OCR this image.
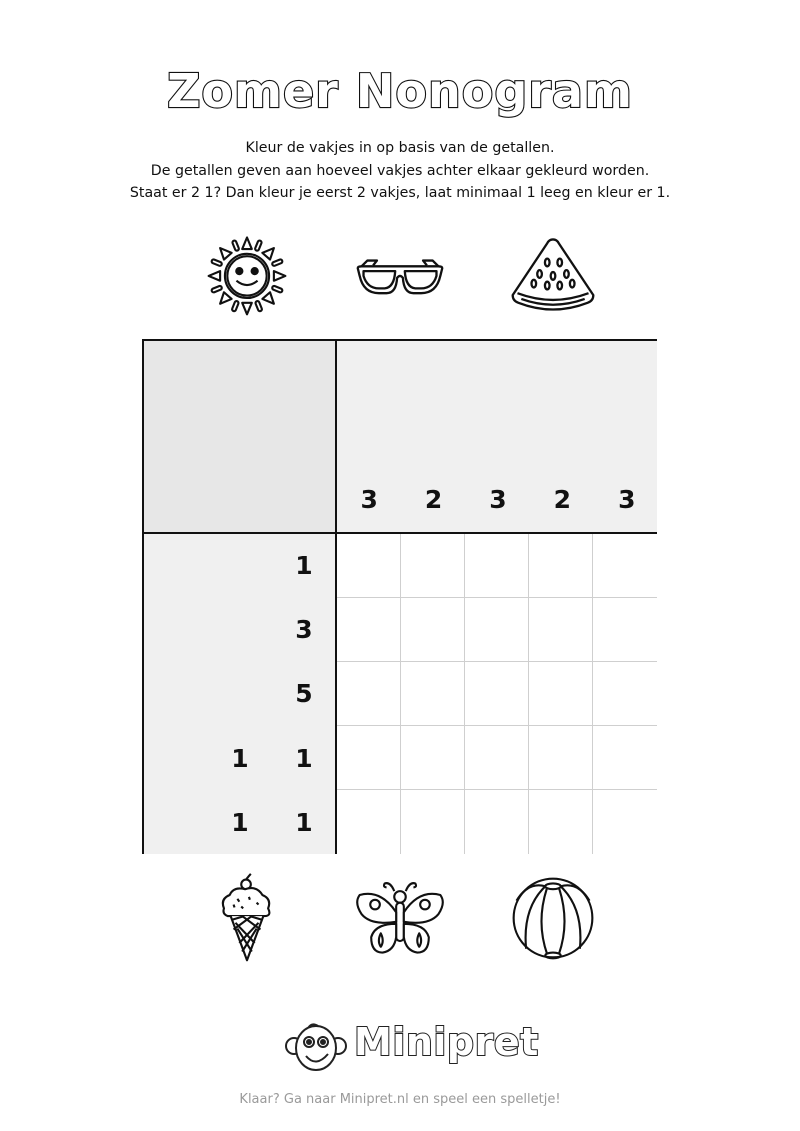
Zomer Nonogram
Kleur de vakjes in op basis van de getallen.
De getallen geven aan hoeveel vakjes achter elkaar gekleurd worden.
Staat er 2 1? Dan kleur je eerst 2 vakjes, laat minimaal 1 leeg en kleur er 1.
3	2	3	2	3
1
3
5
1 1
1 1
Minipret
Klaar? Ga naar Minipret.nl en speel een spelletje!
